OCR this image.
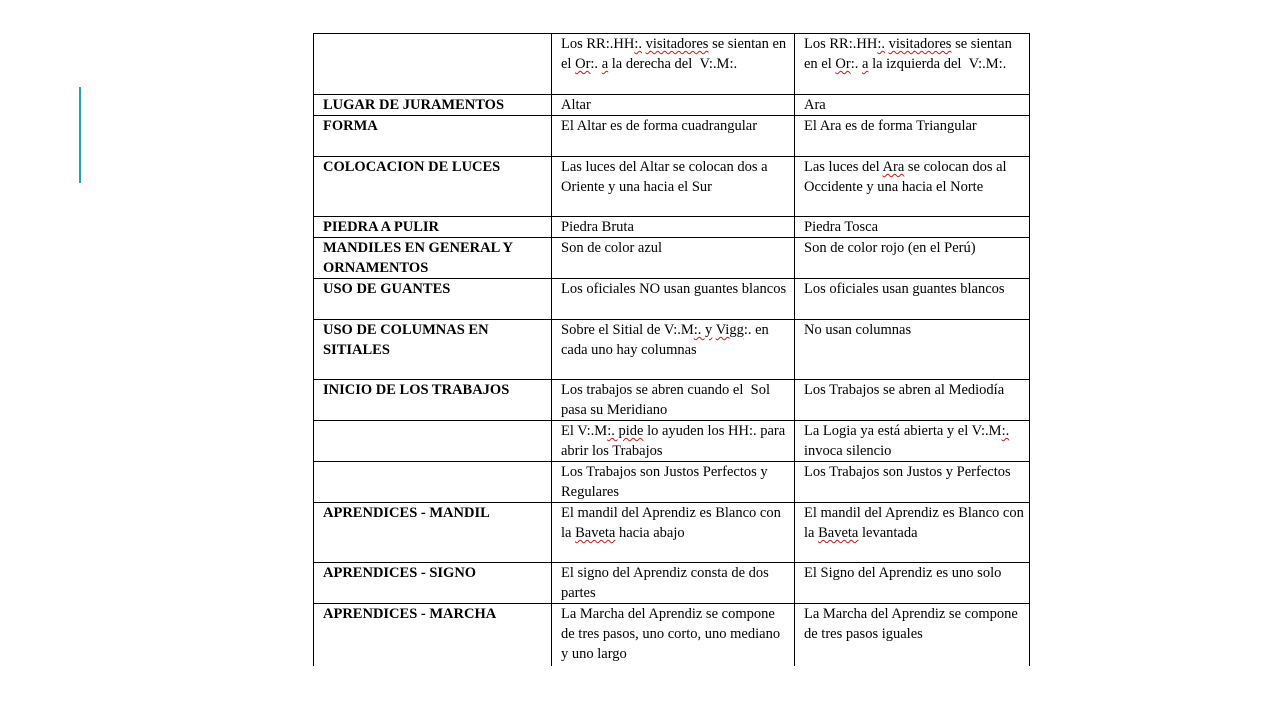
	Los RR:.HH:. visitadores se sientan en el Or:. a la derecha del  V:.M:.	Los RR:.HH:. visitadores se sientan en el Or:. a la izquierda del  V:.M:.
LUGAR DE JURAMENTOS	Altar	Ara
FORMA	El Altar es de forma cuadrangular	El Ara es de forma Triangular
COLOCACION DE LUCES	Las luces del Altar se colocan dos a Oriente y una hacia el Sur	Las luces del Ara se colocan dos al Occidente y una hacia el Norte
PIEDRA A PULIR	Piedra Bruta	Piedra Tosca
MANDILES EN GENERAL Y ORNAMENTOS	Son de color azul	Son de color rojo (en el Perú)
USO DE GUANTES	Los oficiales NO usan guantes blancos	Los oficiales usan guantes blancos
USO DE COLUMNAS EN SITIALES	Sobre el Sitial de V:.M:. y Vigg:. en cada uno hay columnas	No usan columnas
INICIO DE LOS TRABAJOS	Los trabajos se abren cuando el  Sol pasa su Meridiano	Los Trabajos se abren al Mediodía
	El V:.M:. pide lo ayuden los HH:. para abrir los Trabajos	La Logia ya está abierta y el V:.M:. invoca silencio
	Los Trabajos son Justos Perfectos y Regulares	Los Trabajos son Justos y Perfectos
APRENDICES - MANDIL	El mandil del Aprendiz es Blanco con la Baveta hacia abajo	El mandil del Aprendiz es Blanco con la Baveta levantada
APRENDICES - SIGNO	El signo del Aprendiz consta de dos partes	El Signo del Aprendiz es uno solo
APRENDICES - MARCHA	La Marcha del Aprendiz se compone de tres pasos, uno corto, uno mediano y uno largo	La Marcha del Aprendiz se compone de tres pasos iguales
